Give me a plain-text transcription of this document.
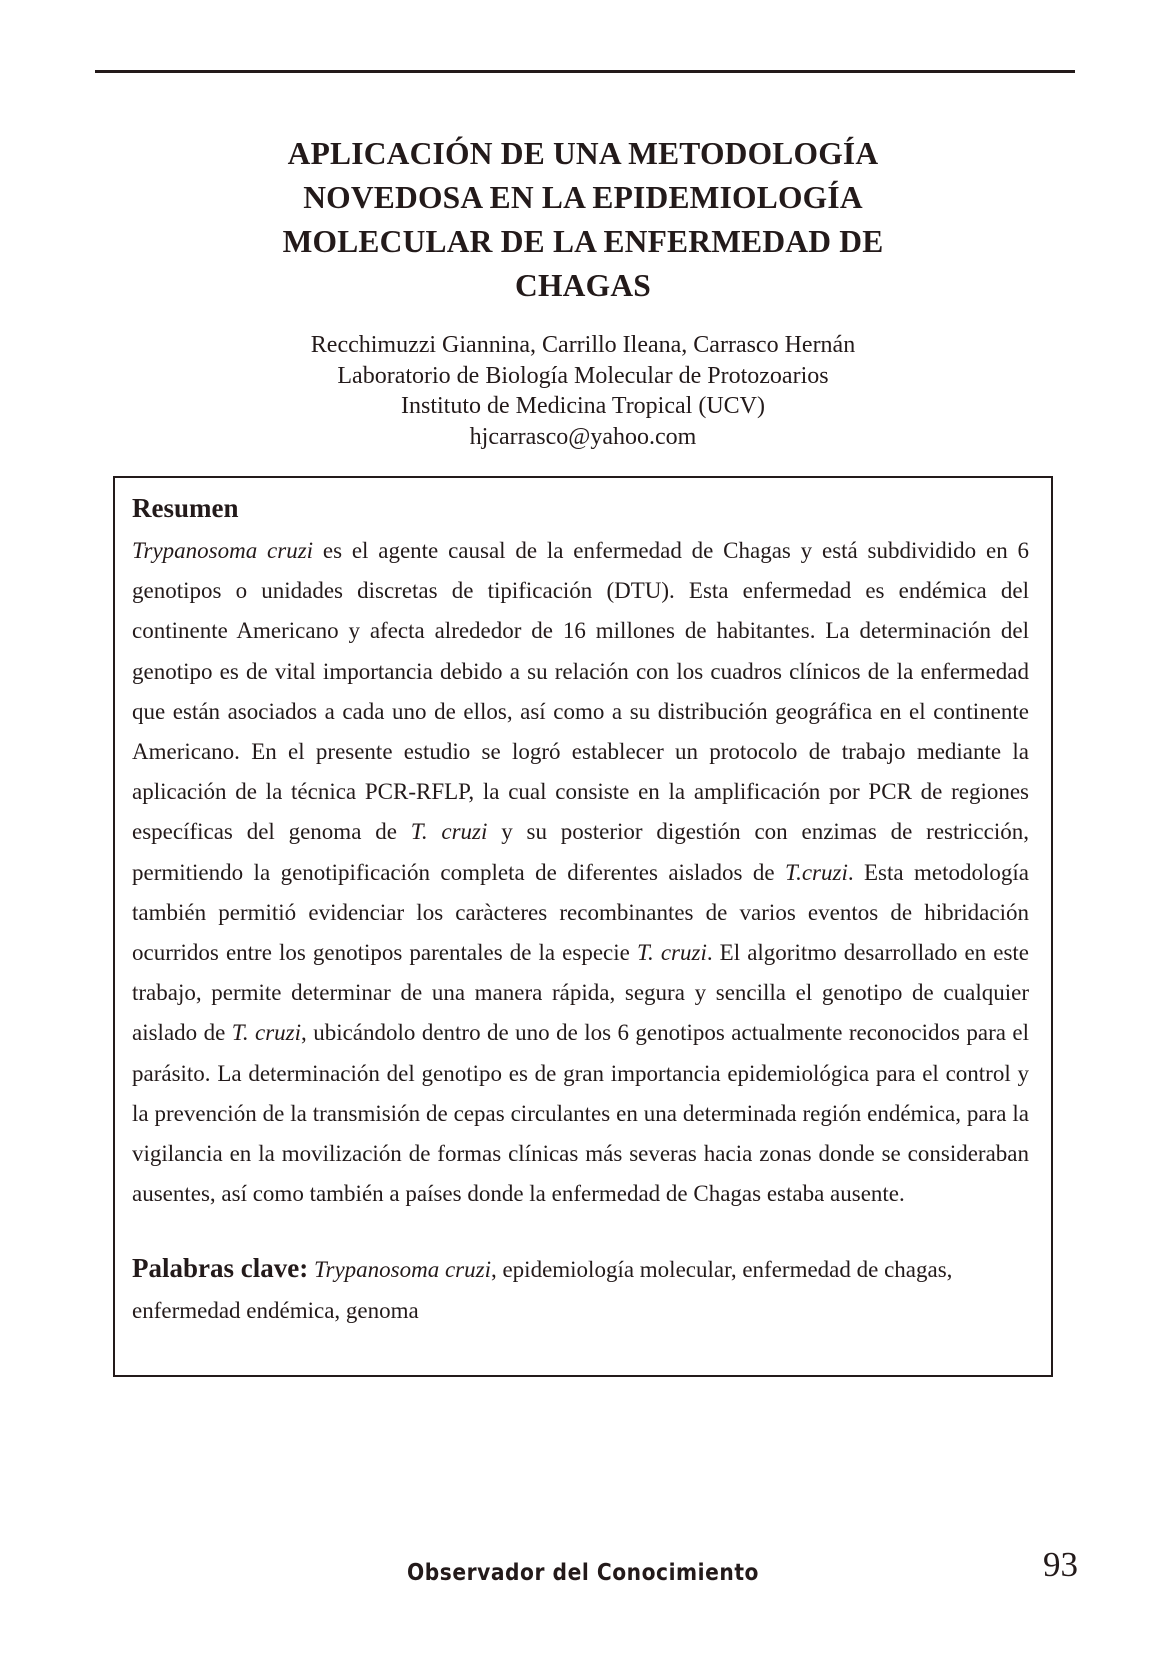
APLICACIÓN DE UNA METODOLOGÍA
NOVEDOSA EN LA EPIDEMIOLOGÍA
MOLECULAR DE LA ENFERMEDAD DE
CHAGAS
Recchimuzzi Giannina, Carrillo Ileana, Carrasco Hernán
Laboratorio de Biología Molecular de Protozoarios
Instituto de Medicina Tropical (UCV)
hjcarrasco@yahoo.com
Resumen

Trypanosoma cruzi es el agente causal de la enfermedad de Chagas y está subdividido en 6 genotipos o unidades discretas de tipificación (DTU). Esta enfermedad es endémica del continente Americano y afecta alrededor de 16 millones de habitantes. La determinación del genotipo es de vital importancia debido a su relación con los cuadros clínicos de la enfermedad que están asociados a cada uno de ellos, así como a su distribución geográfica en el continente Americano. En el presente estudio se logró establecer un protocolo de trabajo mediante la aplicación de la técnica PCR-RFLP, la cual consiste en la amplificación por PCR de regiones específicas del genoma de T. cruzi y su posterior digestión con enzimas de restricción, permitiendo la genotipificación completa de diferentes aislados de T.cruzi. Esta metodología también permitió evidenciar los caràcteres recombinantes de varios eventos de hibridación ocurridos entre los genotipos parentales de la especie T. cruzi. El algoritmo desarrollado en este trabajo, permite determinar de una manera rápida, segura y sencilla el genotipo de cualquier aislado de T. cruzi, ubicándolo dentro de uno de los 6 genotipos actualmente reconocidos para el parásito. La determinación del genotipo es de gran importancia epidemiológica para el control y la prevención de la transmisión de cepas circulantes en una determinada región endémica, para la vigilancia en la movilización de formas clínicas más severas hacia zonas donde se consideraban ausentes, así como también a países donde la enfermedad de Chagas estaba ausente.

Palabras clave: Trypanosoma cruzi, epidemiología molecular, enfermedad de chagas, enfermedad endémica, genoma

Observador del Conocimiento	93
